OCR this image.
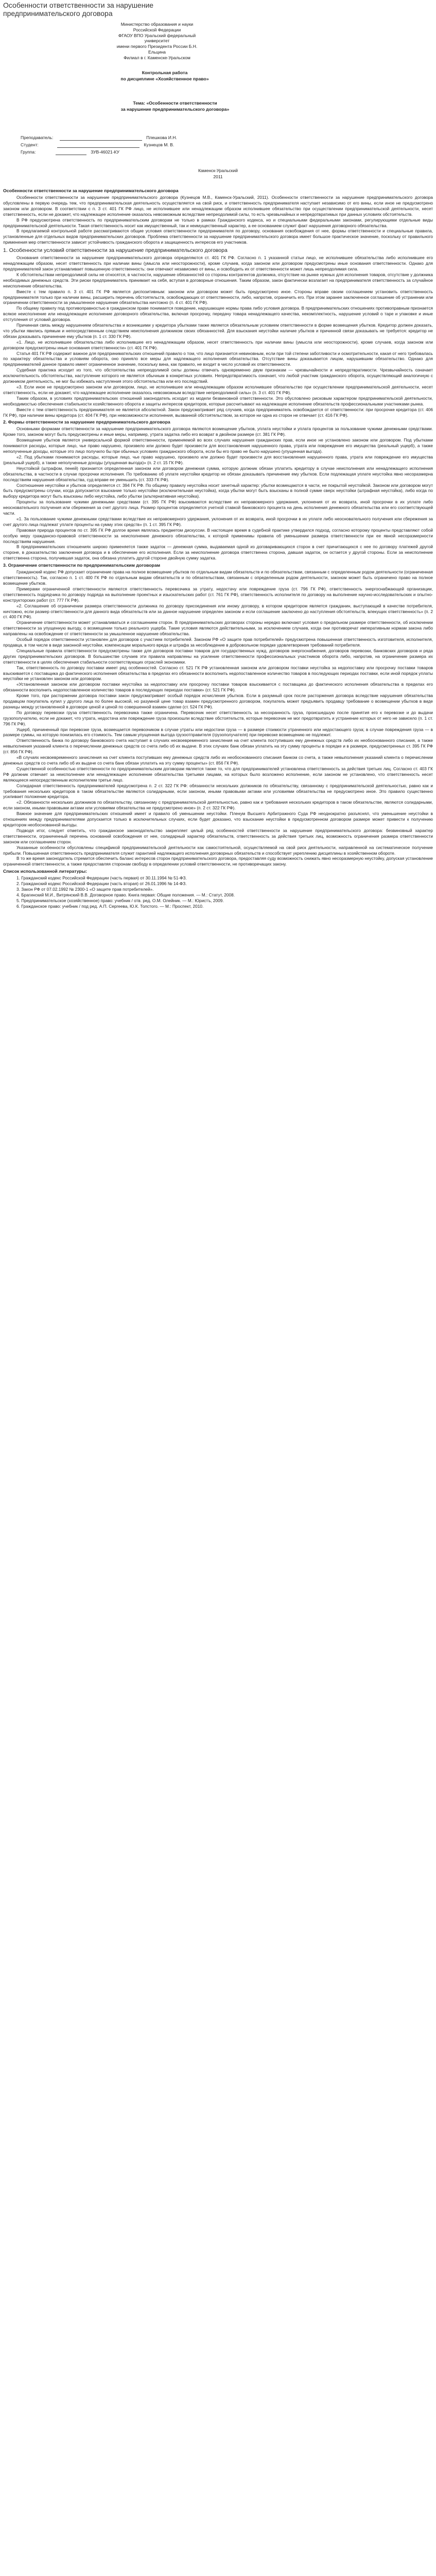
Особенности ответственности за нарушение предпринимательского договора
Министерство образования и науки Российской Федерации
ФГАОУ ВПО Уральский федеральный университет
имени первого Президента России Б.Н. Ельцина
Филиал в г. Каменске-Уральском
Контрольная работа
по дисциплине «Хозяйственное право»
Тема: «Особенности ответственности
за нарушение предпринимательского договора»
Преподаватель:	Плешкова И.Н.
Студент:	Кузнецов М. В.
Группа:	ЗУВ-46021-КУ
Каменск-Уральский
2011
Особенности ответственности за нарушение предпринимательского договора

Особенности ответственности за нарушение предпринимательского договора (Кузнецов М.В., Каменск-Уральский, 2011). Особенности ответственности за нарушение предпринимательского договора обусловлены в первую очередь тем, что предпринимательская деятельность осуществляется на свой риск, и ответственность предпринимателя наступает независимо от его вины, если иное не предусмотрено законом или договором. В соответствии с п. 3 ст. 401 ГК РФ лицо, не исполнившее или ненадлежащим образом исполнившее обязательство при осуществлении предпринимательской деятельности, несет ответственность, если не докажет, что надлежащее исполнение оказалось невозможным вследствие непреодолимой силы, то есть чрезвычайных и непредотвратимых при данных условиях обстоятельств.

В РФ предусмотрена ответственность по предпринимательским договорам не только в рамках Гражданского кодекса, но и специальными федеральными законами, регулирующими отдельные виды предпринимательской деятельности. Такая ответственность носит как имущественный, так и неимущественный характер, а ее основанием служит факт нарушения договорного обязательства.

В предлагаемой контрольной работе рассматриваются общие условия ответственности предпринимателя по договору, основания освобождения от нее, формы ответственности и специальные правила, установленные для отдельных видов предпринимательских договоров. Проблема ответственности за нарушение предпринимательского договора имеет большое практическое значение, поскольку от правильного применения мер ответственности зависит устойчивость гражданского оборота и защищенность интересов его участников.

1. Особенности условий ответственности за нарушение предпринимательского договора

Основания ответственности за нарушение предпринимательского договора определяются ст. 401 ГК РФ. Согласно п. 1 указанной статьи лицо, не исполнившее обязательства либо исполнившее его ненадлежащим образом, несет ответственность при наличии вины (умысла или неосторожности), кроме случаев, когда законом или договором предусмотрены иные основания ответственности. Однако для предпринимателей закон устанавливает повышенную ответственность: они отвечают независимо от вины, и освободить их от ответственности может лишь непреодолимая сила.

К обстоятельствам непреодолимой силы не относятся, в частности, нарушение обязанностей со стороны контрагентов должника, отсутствие на рынке нужных для исполнения товаров, отсутствие у должника необходимых денежных средств. Эти риски предприниматель принимает на себя, вступая в договорные отношения. Таким образом, закон фактически возлагает на предпринимателя ответственность за случайное неисполнение обязательства.

Вместе с тем правило п. 3 ст. 401 ГК РФ является диспозитивным: законом или договором может быть предусмотрено иное. Стороны вправе своим соглашением установить ответственность предпринимателя только при наличии вины, расширить перечень обстоятельств, освобождающих от ответственности, либо, напротив, ограничить его. При этом заранее заключенное соглашение об устранении или ограничении ответственности за умышленное нарушение обязательства ничтожно (п. 4 ст. 401 ГК РФ).

По общему правилу под противоправностью в гражданском праве понимается поведение, нарушающее нормы права либо условия договора. В предпринимательских отношениях противоправным признается всякое неисполнение или ненадлежащее исполнение договорного обязательства, включая просрочку, передачу товара ненадлежащего качества, некомплектность, нарушение условий о таре и упаковке и иные отступления от условий договора.

Причинная связь между нарушением обязательства и возникшими у кредитора убытками также является обязательным условием ответственности в форме возмещения убытков. Кредитор должен доказать, что убытки явились прямым и непосредственным следствием неисполнения должником своих обязанностей. Для взыскания неустойки наличие убытков и причинной связи доказывать не требуется: кредитор не обязан доказывать причинение ему убытков (п. 1 ст. 330 ГК РФ).

«1. Лицо, не исполнившее обязательства либо исполнившее его ненадлежащим образом, несет ответственность при наличии вины (умысла или неосторожности), кроме случаев, когда законом или договором предусмотрены иные основания ответственности» (ст. 401 ГК РФ).

Статья 401 ГК РФ содержит важное для предпринимательских отношений правило о том, что лицо признается невиновным, если при той степени заботливости и осмотрительности, какая от него требовалась по характеру обязательства и условиям оборота, оно приняло все меры для надлежащего исполнения обязательства. Отсутствие вины доказывается лицом, нарушившим обязательство. Однако для предпринимателей данное правило имеет ограниченное значение, поскольку вина, как правило, не входит в число условий их ответственности.

Судебная практика исходит из того, что обстоятельства непреодолимой силы должны отвечать одновременно двум признакам — чрезвычайности и непредотвратимости. Чрезвычайность означает исключительность обстоятельства, наступление которого не является обычным в конкретных условиях. Непредотвратимость означает, что любой участник гражданского оборота, осуществляющий аналогичную с должником деятельность, не мог бы избежать наступления этого обстоятельства или его последствий.

«3. Если иное не предусмотрено законом или договором, лицо, не исполнившее или ненадлежащим образом исполнившее обязательство при осуществлении предпринимательской деятельности, несет ответственность, если не докажет, что надлежащее исполнение оказалось невозможным вследствие непреодолимой силы» (п. 3 ст. 401 ГК РФ).

Таким образом, в условиях предпринимательских отношений законодатель исходит из модели безвиновной ответственности. Это обусловлено рисковым характером предпринимательской деятельности, необходимостью обеспечения стабильности хозяйственного оборота и защиты интересов кредиторов, которые рассчитывают на надлежащее исполнение обязательств профессиональными участниками рынка.

Вместе с тем ответственность предпринимателя не является абсолютной. Закон предусматривает ряд случаев, когда предприниматель освобождается от ответственности: при просрочке кредитора (ст. 406 ГК РФ), при наличии вины кредитора (ст. 404 ГК РФ), при невозможности исполнения, вызванной обстоятельством, за которое ни одна из сторон не отвечает (ст. 416 ГК РФ).

2. Формы ответственности за нарушение предпринимательского договора

Основными формами ответственности за нарушение предпринимательского договора являются возмещение убытков, уплата неустойки и уплата процентов за пользование чужими денежными средствами. Кроме того, законом могут быть предусмотрены и иные меры, например, утрата задатка либо его возврат в двойном размере (ст. 381 ГК РФ).

Возмещение убытков является универсальной формой ответственности, применяемой во всех случаях нарушения гражданских прав, если иное не установлено законом или договором. Под убытками понимаются расходы, которые лицо, чье право нарушено, произвело или должно будет произвести для восстановления нарушенного права, утрата или повреждение его имущества (реальный ущерб), а также неполученные доходы, которые это лицо получило бы при обычных условиях гражданского оборота, если бы его право не было нарушено (упущенная выгода).

«2. Под убытками понимаются расходы, которые лицо, чье право нарушено, произвело или должно будет произвести для восстановления нарушенного права, утрата или повреждение его имущества (реальный ущерб), а также неполученные доходы (упущенная выгода)» (п. 2 ст. 15 ГК РФ).

Неустойкой (штрафом, пеней) признается определенная законом или договором денежная сумма, которую должник обязан уплатить кредитору в случае неисполнения или ненадлежащего исполнения обязательства, в частности в случае просрочки исполнения. По требованию об уплате неустойки кредитор не обязан доказывать причинение ему убытков. Если подлежащая уплате неустойка явно несоразмерна последствиям нарушения обязательства, суд вправе ее уменьшить (ст. 333 ГК РФ).

Соотношение неустойки и убытков определяется ст. 394 ГК РФ. По общему правилу неустойка носит зачетный характер: убытки возмещаются в части, не покрытой неустойкой. Законом или договором могут быть предусмотрены случаи, когда допускается взыскание только неустойки (исключительная неустойка), когда убытки могут быть взысканы в полной сумме сверх неустойки (штрафная неустойка), либо когда по выбору кредитора могут быть взысканы либо неустойка, либо убытки (альтернативная неустойка).

Проценты за пользование чужими денежными средствами (ст. 395 ГК РФ) взыскиваются вследствие их неправомерного удержания, уклонения от их возврата, иной просрочки в их уплате либо неосновательного получения или сбережения за счет другого лица. Размер процентов определяется учетной ставкой банковского процента на день исполнения денежного обязательства или его соответствующей части.

«1. За пользование чужими денежными средствами вследствие их неправомерного удержания, уклонения от их возврата, иной просрочки в их уплате либо неосновательного получения или сбережения за счет другого лица подлежат уплате проценты на сумму этих средств» (п. 1 ст. 395 ГК РФ).

Правовая природа процентов по ст. 395 ГК РФ долгое время являлась предметом дискуссии. В настоящее время в судебной практике утвердился подход, согласно которому проценты представляют собой особую меру гражданско-правовой ответственности за неисполнение денежного обязательства, к которой применимы правила об уменьшении размера ответственности при ее явной несоразмерности последствиям нарушения.

В предпринимательских отношениях широко применяется также задаток — денежная сумма, выдаваемая одной из договаривающихся сторон в счет причитающихся с нее по договору платежей другой стороне, в доказательство заключения договора и в обеспечение его исполнения. Если за неисполнение договора ответственна сторона, давшая задаток, он остается у другой стороны. Если за неисполнение ответственна сторона, получившая задаток, она обязана уплатить другой стороне двойную сумму задатка.

3. Ограничение ответственности по предпринимательским договорам

Гражданский кодекс РФ допускает ограничение права на полное возмещение убытков по отдельным видам обязательств и по обязательствам, связанным с определенным родом деятельности (ограниченная ответственность). Так, согласно п. 1 ст. 400 ГК РФ по отдельным видам обязательств и по обязательствам, связанным с определенным родом деятельности, законом может быть ограничено право на полное возмещение убытков.

Примерами ограниченной ответственности являются ответственность перевозчика за утрату, недостачу или повреждение груза (ст. 796 ГК РФ), ответственность энергоснабжающей организации, ответственность подрядчика по договору подряда на выполнение проектных и изыскательских работ (ст. 761 ГК РФ), ответственность исполнителя по договору на выполнение научно-исследовательских и опытно-конструкторских работ (ст. 777 ГК РФ).

«2. Соглашение об ограничении размера ответственности должника по договору присоединения или иному договору, в котором кредитором является гражданин, выступающий в качестве потребителя, ничтожно, если размер ответственности для данного вида обязательств или за данное нарушение определен законом и если соглашение заключено до наступления обстоятельств, влекущих ответственность» (п. 2 ст. 400 ГК РФ).

Ограничение ответственности может устанавливаться и соглашением сторон. В предпринимательских договорах стороны нередко включают условия о предельном размере ответственности, об исключении ответственности за упущенную выгоду, о возмещении только реального ущерба. Такие условия являются действительными, за исключением случаев, когда они противоречат императивным нормам закона либо направлены на освобождение от ответственности за умышленное нарушение обязательства.

Особый порядок ответственности установлен для договоров с участием потребителей. Законом РФ «О защите прав потребителей» предусмотрена повышенная ответственность изготовителя, исполнителя, продавца, в том числе в виде законной неустойки, компенсации морального вреда и штрафа за несоблюдение в добровольном порядке удовлетворения требований потребителя.

Специальные правила ответственности предусмотрены также для договоров поставки товаров для государственных нужд, договоров энергоснабжения, договоров перевозки, банковских договоров и ряда других предпринимательских договоров. В большинстве случаев эти правила направлены на усиление ответственности профессиональных участников оборота либо, напротив, на ограничение размера их ответственности в целях обеспечения стабильности соответствующих отраслей экономики.

Так, ответственность по договору поставки имеет ряд особенностей. Согласно ст. 521 ГК РФ установленная законом или договором поставки неустойка за недопоставку или просрочку поставки товаров взыскивается с поставщика до фактического исполнения обязательства в пределах его обязанности восполнить недопоставленное количество товаров в последующих периодах поставки, если иной порядок уплаты неустойки не установлен законом или договором.

«Установленная законом или договором поставки неустойка за недопоставку или просрочку поставки товаров взыскивается с поставщика до фактического исполнения обязательства в пределах его обязанности восполнить недопоставленное количество товаров в последующих периодах поставки» (ст. 521 ГК РФ).

Кроме того, при расторжении договора поставки закон предусматривает особый порядок исчисления убытков. Если в разумный срок после расторжения договора вследствие нарушения обязательства продавцом покупатель купил у другого лица по более высокой, но разумной цене товар взамен предусмотренного договором, покупатель может предъявить продавцу требование о возмещении убытков в виде разницы между установленной в договоре ценой и ценой по совершенной взамен сделке (ст. 524 ГК РФ).

По договору перевозки груза ответственность перевозчика также ограничена. Перевозчик несет ответственность за несохранность груза, происшедшую после принятия его к перевозке и до выдачи грузополучателю, если не докажет, что утрата, недостача или повреждение груза произошли вследствие обстоятельств, которые перевозчик не мог предотвратить и устранение которых от него не зависело (п. 1 ст. 796 ГК РФ).

Ущерб, причиненный при перевозке груза, возмещается перевозчиком в случае утраты или недостачи груза — в размере стоимости утраченного или недостающего груза; в случае повреждения груза — в размере суммы, на которую понизилась его стоимость. Тем самым упущенная выгода грузоотправителя (грузополучателя) при перевозке возмещению не подлежит.

Ответственность банка по договору банковского счета наступает в случаях несвоевременного зачисления на счет клиента поступивших ему денежных средств либо их необоснованного списания, а также невыполнения указаний клиента о перечислении денежных средств со счета либо об их выдаче. В этих случаях банк обязан уплатить на эту сумму проценты в порядке и в размере, предусмотренных ст. 395 ГК РФ (ст. 856 ГК РФ).

«В случаях несвоевременного зачисления на счет клиента поступивших ему денежных средств либо их необоснованного списания банком со счета, а также невыполнения указаний клиента о перечислении денежных средств со счета либо об их выдаче со счета банк обязан уплатить на эту сумму проценты» (ст. 856 ГК РФ).

Существенной особенностью ответственности по предпринимательским договорам является также то, что для предпринимателей установлена ответственность за действия третьих лиц. Согласно ст. 403 ГК РФ должник отвечает за неисполнение или ненадлежащее исполнение обязательства третьими лицами, на которых было возложено исполнение, если законом не установлено, что ответственность несет являющееся непосредственным исполнителем третье лицо.

Солидарная ответственность предпринимателей предусмотрена п. 2 ст. 322 ГК РФ: обязанности нескольких должников по обязательству, связанному с предпринимательской деятельностью, равно как и требования нескольких кредиторов в таком обязательстве являются солидарными, если законом, иными правовыми актами или условиями обязательства не предусмотрено иное. Это правило существенно усиливает положение кредитора.

«2. Обязанности нескольких должников по обязательству, связанному с предпринимательской деятельностью, равно как и требования нескольких кредиторов в таком обязательстве, являются солидарными, если законом, иными правовыми актами или условиями обязательства не предусмотрено иное» (п. 2 ст. 322 ГК РФ).

Важное значение для предпринимательских отношений имеет и правило об уменьшении неустойки. Пленум Высшего Арбитражного Суда РФ неоднократно разъяснял, что уменьшение неустойки в отношениях между предпринимателями допускается только в исключительных случаях, если будет доказано, что взыскание неустойки в предусмотренном договором размере может привести к получению кредитором необоснованной выгоды.

Подводя итог, следует отметить, что гражданское законодательство закрепляет целый ряд особенностей ответственности за нарушение предпринимательского договора: безвиновный характер ответственности, ограниченный перечень оснований освобождения от нее, солидарный характер обязательств, ответственность за действия третьих лиц, возможность ограничения размера ответственности законом или соглашением сторон.

Указанные особенности обусловлены спецификой предпринимательской деятельности как самостоятельной, осуществляемой на свой риск деятельности, направленной на систематическое получение прибыли. Повышенная ответственность предпринимателя служит гарантией надлежащего исполнения договорных обязательств и способствует укреплению дисциплины в хозяйственном обороте.

В то же время законодатель стремится обеспечить баланс интересов сторон предпринимательского договора, предоставляя суду возможность снижать явно несоразмерную неустойку, допуская установление ограниченной ответственности, а также предоставляя сторонам свободу в определении условий ответственности, не противоречащих закону.

Список использованной литературы:

1. Гражданский кодекс Российской Федерации (часть первая) от 30.11.1994 № 51-ФЗ.

2. Гражданский кодекс Российской Федерации (часть вторая) от 26.01.1996 № 14-ФЗ.

3. Закон РФ от 07.02.1992 № 2300-1 «О защите прав потребителей».

4. Брагинский М.И., Витрянский В.В. Договорное право. Книга первая: Общие положения. — М.: Статут, 2008.

5. Предпринимательское (хозяйственное) право: учебник / отв. ред. О.М. Олейник. — М.: Юристъ, 2009.

6. Гражданское право: учебник / под ред. А.П. Сергеева, Ю.К. Толстого. — М.: Проспект, 2010.
